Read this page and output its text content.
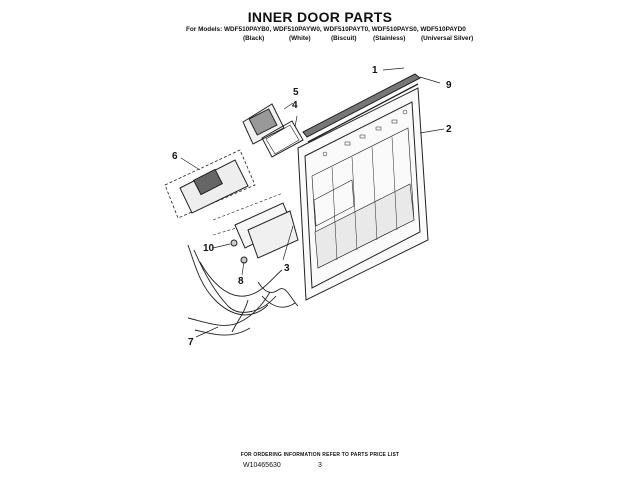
INNER DOOR PARTS
For Models: WDF510PAYB0, WDF510PAYW0, WDF510PAYT0, WDF510PAYS0, WDF510PAYD0
(Black)	(White)	(Biscuit)	(Stainless) (Universal Silver)
1
2
3
4
5
6
7
8
9
10
FOR ORDERING INFORMATION REFER TO PARTS PRICE LIST
W10465630	3
